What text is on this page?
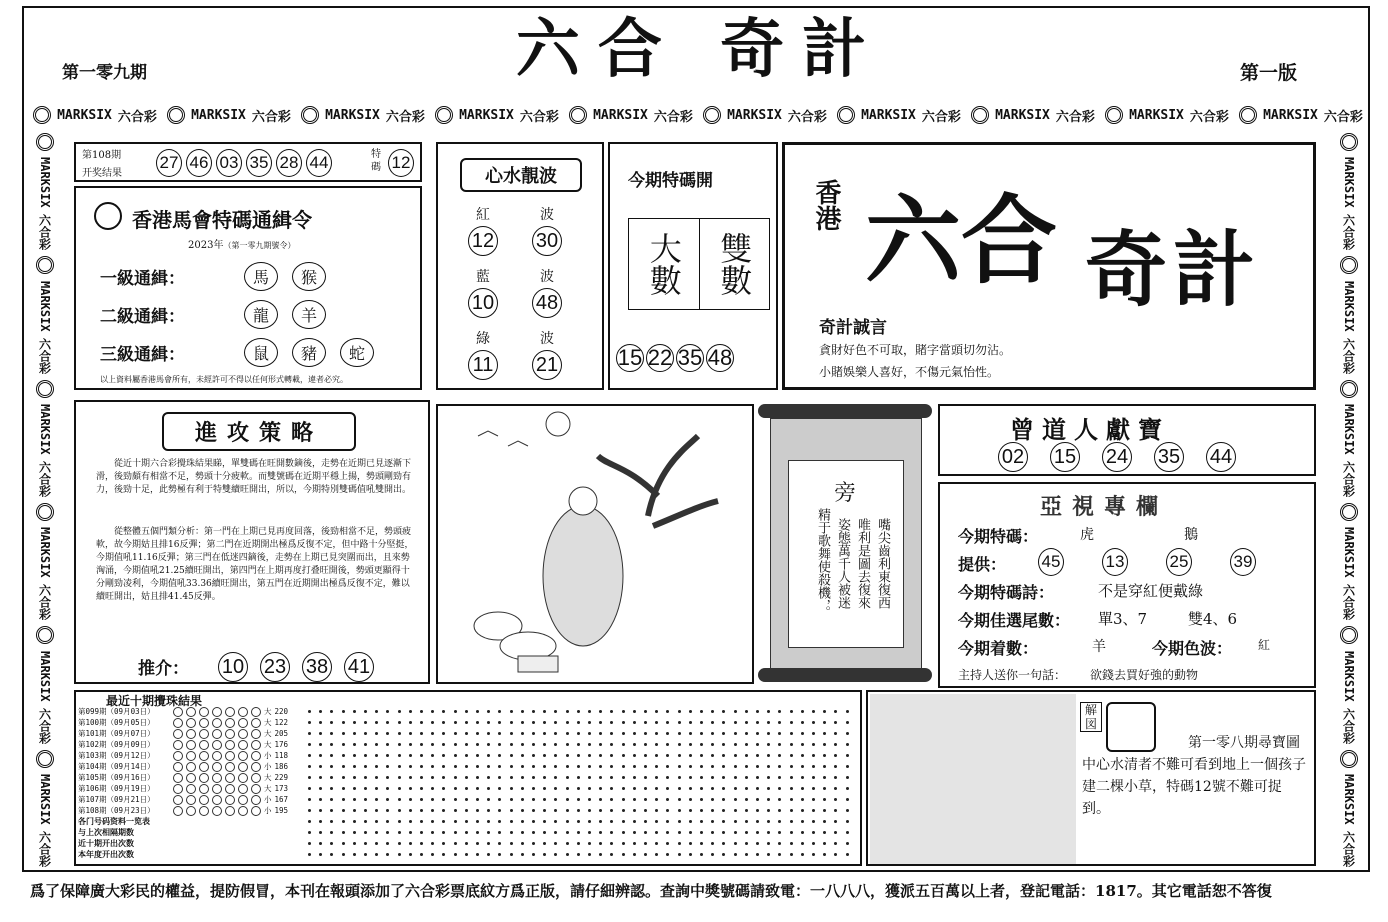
六合 奇計
第一零九期	第一版
MARKSIX 六合彩	MARKSIX 六合彩	MARKSIX 六合彩	MARKSIX 六合彩	MARKSIX 六合彩	MARKSIX 六合彩	MARKSIX 六合彩	MARKSIX 六合彩	MARKSIX 六合彩	MARKSIX 六合彩
MARKSIX
六合彩
MARKSIX
六合彩
MARKSIX
六合彩
MARKSIX
六合彩
MARKSIX
六合彩
MARKSIX
六合彩
MARKSIX
六合彩
MARKSIX
六合彩
MARKSIX
六合彩
MARKSIX
六合彩
MARKSIX
六合彩
MARKSIX
六合彩
第108期
开奖结果
27 46 03 35 28 44	特碼 12
香港馬會特碼通緝令
2023年（第一零九期號令）
一級通緝：	馬	猴
二級通緝：	龍	羊
三級通緝：	鼠	豬	蛇
以上資料屬香港馬會所有，未經許可不得以任何形式轉載，違者必究。
心水靚波
紅	波
12 30
藍	波
10 48
綠	波
11 21
今期特碼開
大數	雙數
15 22 35 48
香港 六合 奇計
奇計誠言
貪財好色不可取，賭字當頭切勿沾。
小賭娛樂人喜好，不傷元氣怡性。
進攻策略
從近十期六合彩攪珠結果睇，單雙碼在旺開數鏑後，走勢在近期已見逐漸下滑，後勁頗有相當不足，勢頭十分疲軟。而雙號碼在近期平穩上揚，勢頭剛勁有力，後勁十足，此勢極有利于特雙續旺開出，所以，今期特別雙碼值吼雙開出。
從整體五個門類分析：第一門在上期已見再度回落，後勁相當不足，勢頭疲軟，故今期姑且排16反彈；第二門在近期開出極爲反復不定，但中路十分堅挺，今期值吼11.16反彈；第三門在低迷四鏑後，走勢在上期已見突圍而出，且來勢洶涌，今期值吼21.25續旺開出，第四門在上期再度打叠旺開後，勢頭更顯得十分剛勁凌利，今期值吼33.36續旺開出，第五門在近期開出極爲反復不定，難以續旺開出，姑且排41.45反彈。
推介： 10 23 38 41
旁
嘴尖齒利東復西
唯利是圖去復來
姿態萬千人被迷
精于歌舞使殺機，。
曾道人獻寶
02 15 24 35 44
亞視專欄
今期特碼：	虎	鵝
提供： 45	13	25	39
今期特碼詩：	不是穿紅便戴綠
今期佳選尾數： 單3、7	雙4、6
今期着數：	羊	今期色波： 紅
主持人送你一句話： 欲錢去買好強的動物
最近十期攪珠結果
第099期（09月03日）	大 220
第100期（09月05日）	大 122
第101期（09月07日）	大 205
第102期（09月09日）	大 176
第103期（09月12日）	小 118
第104期（09月14日）	小 186
第105期（09月16日）	大 229
第106期（09月19日）	大 173
第107期（09月21日）	小 167
第108期（09月23日）	小 195
各门号码资料一览表
与上次相隔期数
近十期开出次数
本年度开出次数
解図
第一零八期尋寶圖
中心水清者不難可看到地上一個孩子建二棵小草，特碼12號不難可捉到。
爲了保障廣大彩民的權益，提防假冒，本刊在報頭添加了六合彩票底紋方爲正版，請仔細辨認。查詢中獎號碼請致電：一八八八，獲派五百萬以上者，登記電話：1817。其它電話恕不答復
